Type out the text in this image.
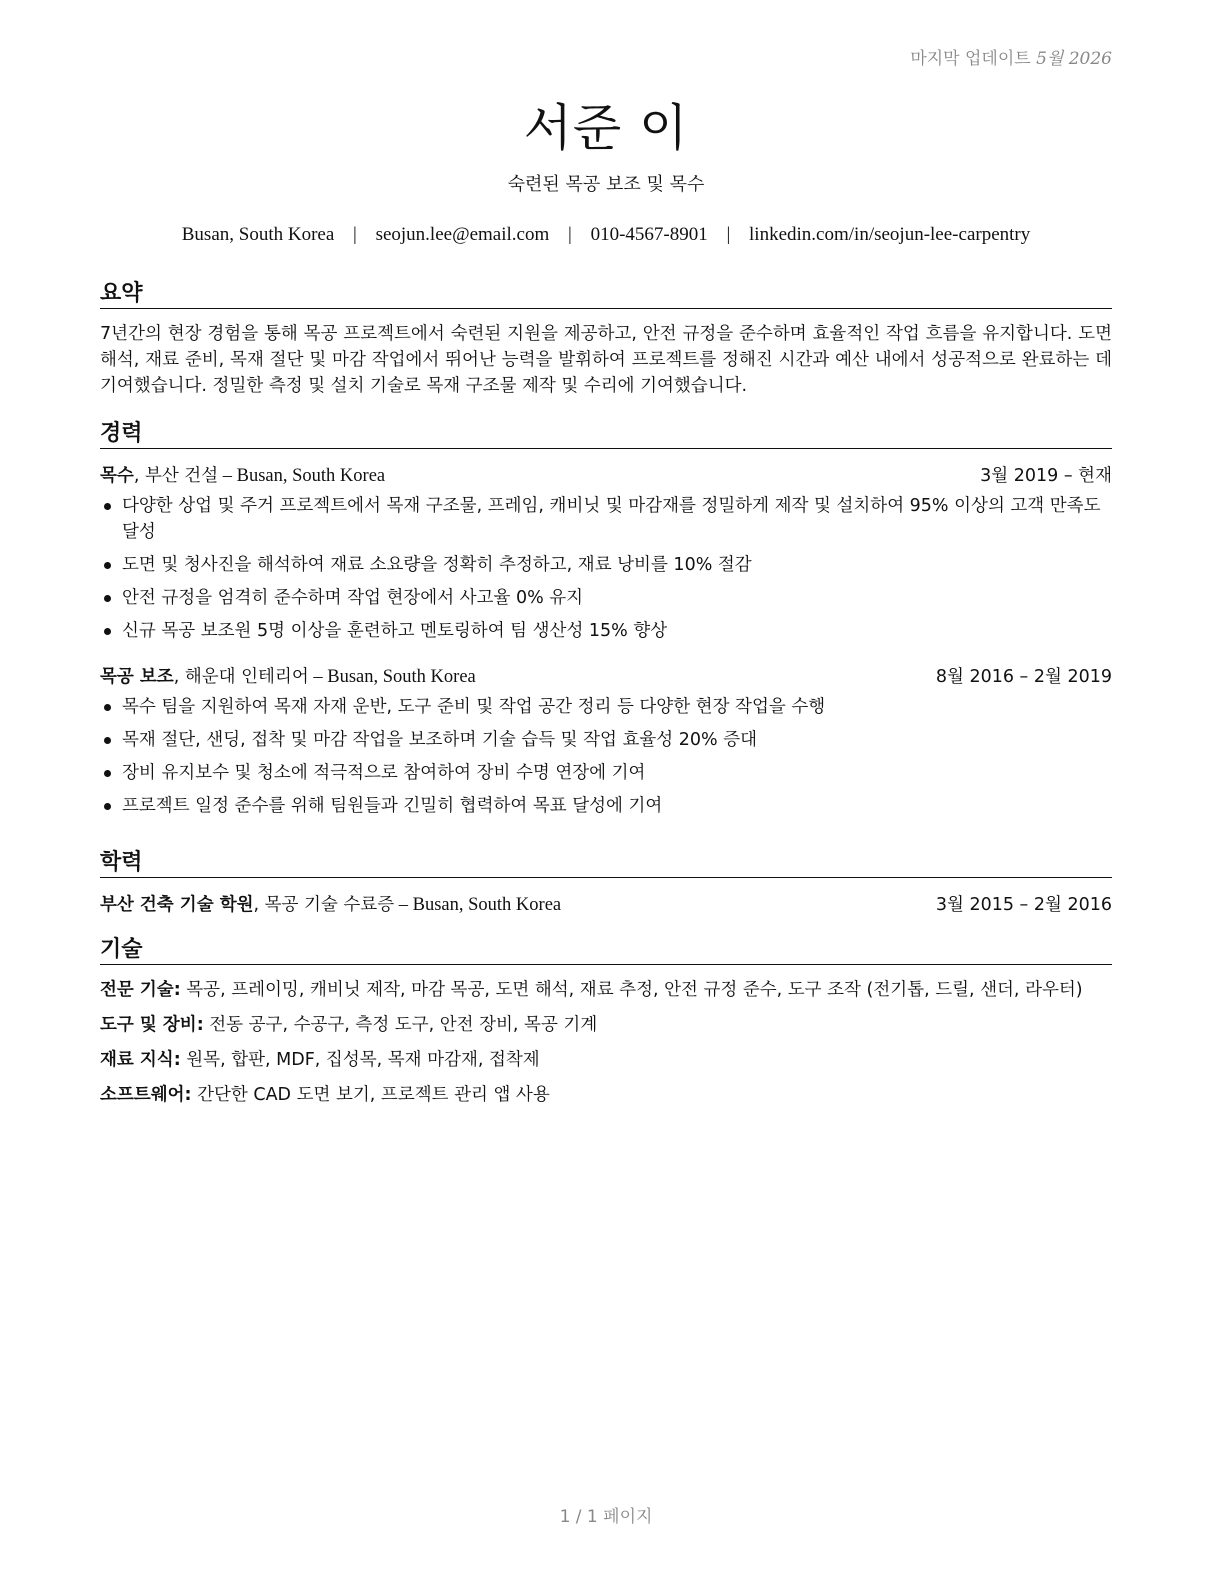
마지막 업데이트 5월 2026
서준 이
숙련된 목공 보조 및 목수
Busan, South Korea | seojun.lee@email.com | 010-4567-8901 | linkedin.com/in/seojun-lee-carpentry
요약
7년간의 현장 경험을 통해 목공 프로젝트에서 숙련된 지원을 제공하고, 안전 규정을 준수하며 효율적인 작업 흐름을 유지합니다. 도면 해석, 재료 준비, 목재 절단 및 마감 작업에서 뛰어난 능력을 발휘하여 프로젝트를 정해진 시간과 예산 내에서 성공적으로 완료하는 데 기여했습니다. 정밀한 측정 및 설치 기술로 목재 구조물 제작 및 수리에 기여했습니다.
경력
목수, 부산 건설 – Busan, South Korea	3월 2019 – 현재
다양한 상업 및 주거 프로젝트에서 목재 구조물, 프레임, 캐비닛 및 마감재를 정밀하게 제작 및 설치하여 95% 이상의 고객 만족도 달성
도면 및 청사진을 해석하여 재료 소요량을 정확히 추정하고, 재료 낭비를 10% 절감
안전 규정을 엄격히 준수하며 작업 현장에서 사고율 0% 유지
신규 목공 보조원 5명 이상을 훈련하고 멘토링하여 팀 생산성 15% 향상
목공 보조, 해운대 인테리어 – Busan, South Korea	8월 2016 – 2월 2019
목수 팀을 지원하여 목재 자재 운반, 도구 준비 및 작업 공간 정리 등 다양한 현장 작업을 수행
목재 절단, 샌딩, 접착 및 마감 작업을 보조하며 기술 습득 및 작업 효율성 20% 증대
장비 유지보수 및 청소에 적극적으로 참여하여 장비 수명 연장에 기여
프로젝트 일정 준수를 위해 팀원들과 긴밀히 협력하여 목표 달성에 기여
학력
부산 건축 기술 학원, 목공 기술 수료증 – Busan, South Korea	3월 2015 – 2월 2016
기술
전문 기술: 목공, 프레이밍, 캐비닛 제작, 마감 목공, 도면 해석, 재료 추정, 안전 규정 준수, 도구 조작 (전기톱, 드릴, 샌더, 라우터)
도구 및 장비: 전동 공구, 수공구, 측정 도구, 안전 장비, 목공 기계
재료 지식: 원목, 합판, MDF, 집성목, 목재 마감재, 접착제
소프트웨어: 간단한 CAD 도면 보기, 프로젝트 관리 앱 사용
1 / 1 페이지
